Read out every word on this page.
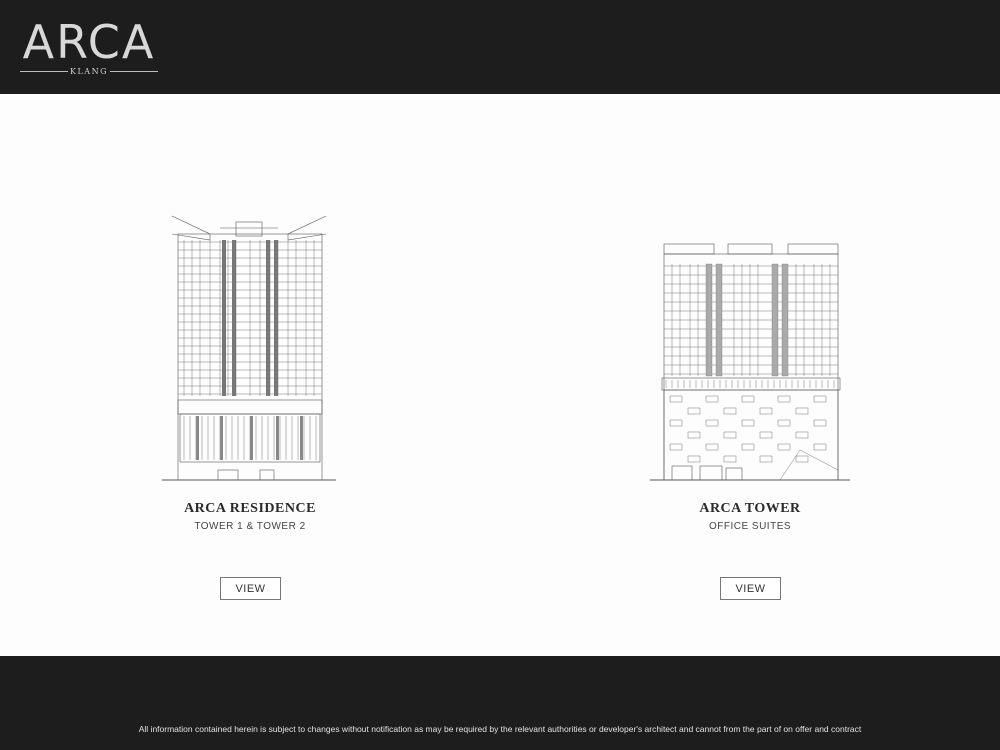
ARCA
KLANG
ARCA RESIDENCE
TOWER 1 & TOWER 2
VIEW
ARCA TOWER
OFFICE SUITES
VIEW
All information contained herein is subject to changes without notification as may be required by the relevant authorities or developer's architect and cannot from the part of on offer and contract
